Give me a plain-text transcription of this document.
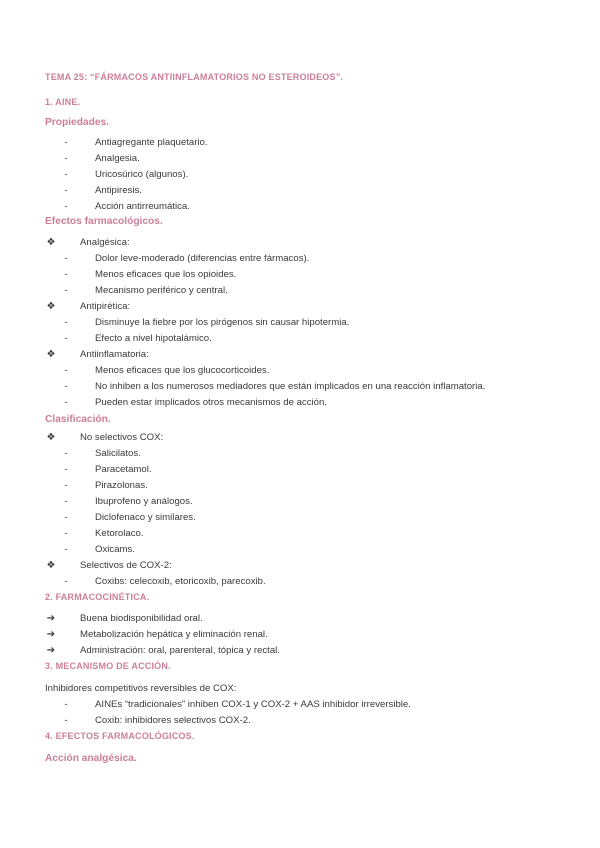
TEMA 25: “FÁRMACOS ANTIINFLAMATORIOS NO ESTEROIDEOS”.
1. AINE.
Propiedades.
-	Antiagregante plaquetario.
-	Analgesia.
-	Uricosúrico (algunos).
-	Antipiresis.
-	Acción antirreumática.
Efectos farmacológicos.
❖	Analgésica:
-	Dolor leve-moderado (diferencias entre fármacos).
-	Menos eficaces que los opioides.
-	Mecanismo periférico y central.
❖	Antipirética:
-	Disminuye la fiebre por los pirógenos sin causar hipotermia.
-	Efecto a nivel hipotalámico.
❖	Antiinflamatoria:
-	Menos eficaces que los glucocorticoides.
-	No inhiben a los numerosos mediadores que están implicados en una reacción inflamatoria.
-	Pueden estar implicados otros mecanismos de acción.
Clasificación.
❖	No selectivos COX:
-	Salicilatos.
-	Paracetamol.
-	Pirazolonas.
-	Ibuprofeno y análogos.
-	Diclofenaco y similares.
-	Ketorolaco.
-	Oxicams.
❖	Selectivos de COX-2:
-	Coxibs: celecoxib, etoricoxib, parecoxib.
2. FARMACOCINÉTICA.
➔	Buena biodisponibilidad oral.
➔	Metabolización hepática y eliminación renal.
➔	Administración: oral, parenteral, tópica y rectal.
3. MECANISMO DE ACCIÓN.
Inhibidores competitivos reversibles de COX:
-	AINEs “tradicionales” inhiben COX-1 y COX-2 + AAS inhibidor irreversible.
-	Coxib: inhibidores selectivos COX-2.
4. EFECTOS FARMACOLÓGICOS.
Acción analgésica.
